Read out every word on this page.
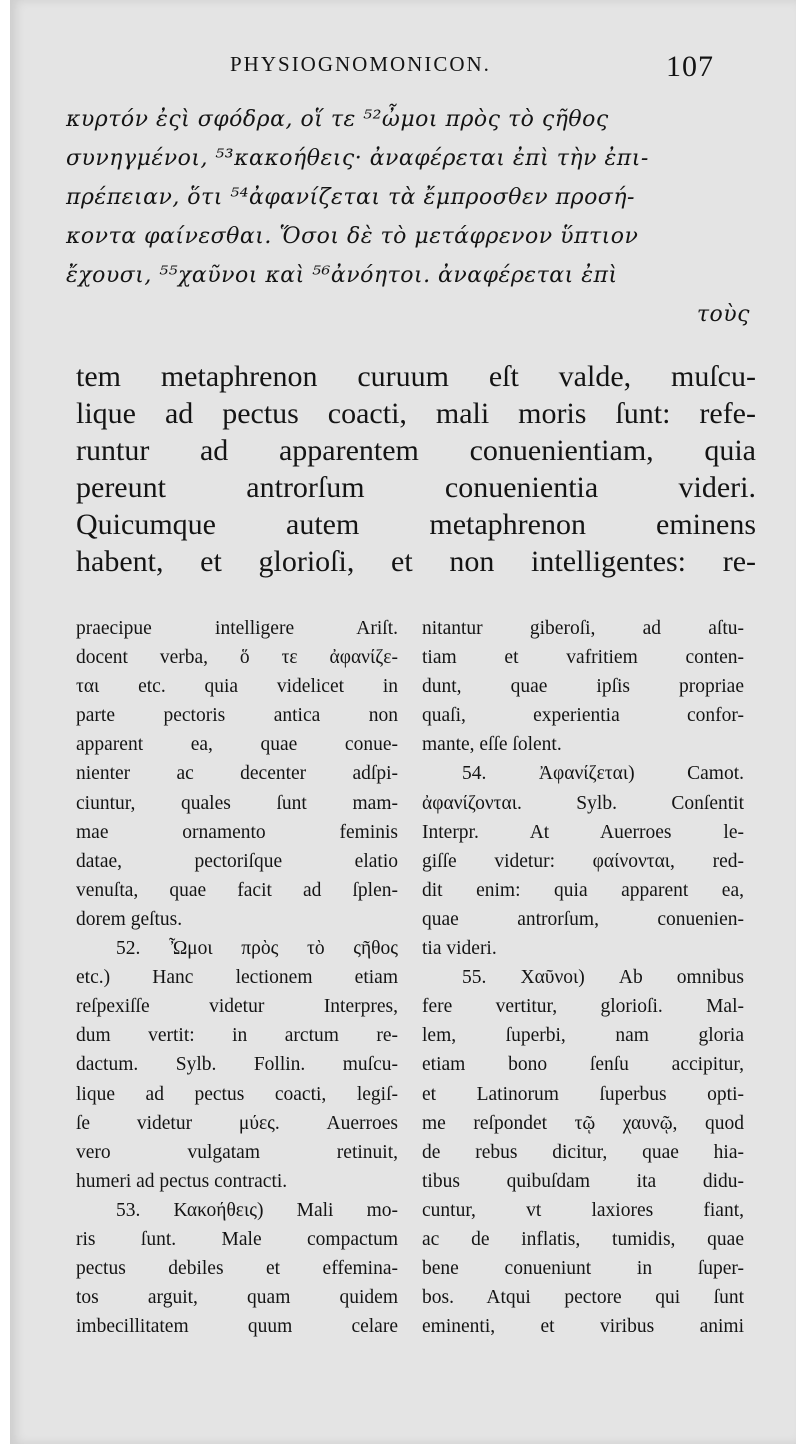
PHYSIOGNOMONICON.	107
κυρτόν ἐςὶ σφόδρα, οἵ τε ⁵²ὦμοι πρὸς τὸ ςῆθος
συνηγμένοι, ⁵³κακοήθεις· ἀναφέρεται ἐπὶ τὴν ἐπι-
πρέπειαν, ὅτι ⁵⁴ἀφανίζεται τὰ ἔμπροσθεν προσή-
κοντα φαίνεσθαι. Ὅσοι δὲ τὸ μετάφρενον ὕπτιον
ἔχουσι, ⁵⁵χαῦνοι καὶ ⁵⁶ἀνόητοι. ἀναφέρεται ἐπὶ
τοὺς
tem metaphrenon curuum eſt valde, muſcu-
lique ad pectus coacti, mali moris ſunt: refe-
runtur ad apparentem conuenientiam, quia
pereunt antrorſum conuenientia videri.
Quicumque autem metaphrenon eminens
habent, et glorioſi, et non intelligentes: re-
praecipue intelligere Ariſt.
docent verba, ὅ τε ἀφανίζε-
ται etc. quia videlicet in
parte pectoris antica non
apparent ea, quae conue-
nienter ac decenter adſpi-
ciuntur, quales ſunt mam-
mae ornamento feminis
datae, pectoriſque elatio
venuſta, quae facit ad ſplen-
dorem geſtus.
52. Ὦμοι πρὸς τὸ ςῆθος
etc.) Hanc lectionem etiam
reſpexiſſe videtur Interpres,
dum vertit: in arctum re-
dactum. Sylb. Follin. muſcu-
lique ad pectus coacti, legiſ-
ſe videtur μύες. Auerroes
vero vulgatam retinuit,
humeri ad pectus contracti.
53. Κακοήθεις) Mali mo-
ris ſunt. Male compactum
pectus debiles et effemina-
tos arguit, quam quidem
imbecillitatem quum celare
nitantur giberoſi, ad aſtu-
tiam et vafritiem conten-
dunt, quae ipſis propriae
quaſi, experientia confor-
mante, eſſe ſolent.
54. Ἀφανίζεται) Camot.
ἀφανίζονται. Sylb. Conſentit
Interpr. At Auerroes le-
giſſe videtur: φαίνονται, red-
dit enim: quia apparent ea,
quae antrorſum, conuenien-
tia videri.
55. Χαῦνοι) Ab omnibus
fere vertitur, glorioſi. Mal-
lem, ſuperbi, nam gloria
etiam bono ſenſu accipitur,
et Latinorum ſuperbus opti-
me reſpondet τῷ χαυνῷ, quod
de rebus dicitur, quae hia-
tibus quibuſdam ita didu-
cuntur, vt laxiores fiant,
ac de inflatis, tumidis, quae
bene conueniunt in ſuper-
bos. Atqui pectore qui ſunt
eminenti, et viribus animi
